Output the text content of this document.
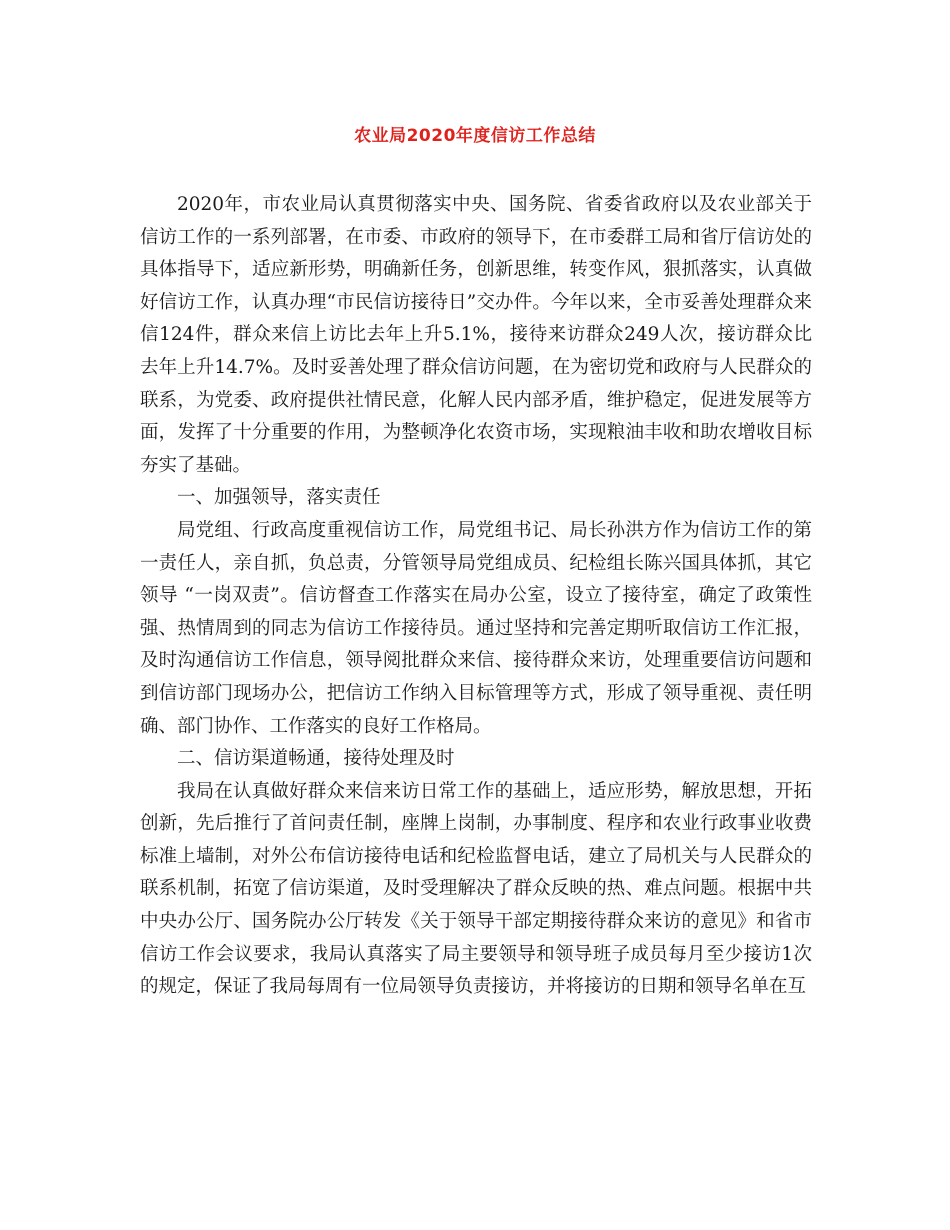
农业局2020年度信访工作总结

2020年，市农业局认真贯彻落实中央、国务院、省委省政府以及农业部关于信访工作的一系列部署，在市委、市政府的领导下，在市委群工局和省厅信访处的具体指导下，适应新形势，明确新任务，创新思维，转变作风，狠抓落实，认真做好信访工作，认真办理“市民信访接待日”交办件。今年以来，全市妥善处理群众来信124件，群众来信上访比去年上升5.1%，接待来访群众249人次，接访群众比去年上升14.7%。及时妥善处理了群众信访问题，在为密切党和政府与人民群众的联系，为党委、政府提供社情民意，化解人民内部矛盾，维护稳定，促进发展等方面，发挥了十分重要的作用，为整顿净化农资市场，实现粮油丰收和助农增收目标夯实了基础。

一、加强领导，落实责任

局党组、行政高度重视信访工作，局党组书记、局长孙洪方作为信访工作的第一责任人，亲自抓，负总责，分管领导局党组成员、纪检组长陈兴国具体抓，其它领导 “一岗双责”。信访督查工作落实在局办公室，设立了接待室，确定了政策性强、热情周到的同志为信访工作接待员。通过坚持和完善定期听取信访工作汇报，及时沟通信访工作信息，领导阅批群众来信、接待群众来访，处理重要信访问题和到信访部门现场办公，把信访工作纳入目标管理等方式，形成了领导重视、责任明确、部门协作、工作落实的良好工作格局。

二、信访渠道畅通，接待处理及时

我局在认真做好群众来信来访日常工作的基础上，适应形势，解放思想，开拓创新，先后推行了首问责任制，座牌上岗制，办事制度、程序和农业行政事业收费标准上墙制，对外公布信访接待电话和纪检监督电话，建立了局机关与人民群众的联系机制，拓宽了信访渠道，及时受理解决了群众反映的热、难点问题。根据中共中央办公厅、国务院办公厅转发《关于领导干部定期接待群众来访的意见》和省市信访工作会议要求，我局认真落实了局主要领导和领导班子成员每月至少接访1次的规定，保证了我局每周有一位局领导负责接访，并将接访的日期和领导名单在互
